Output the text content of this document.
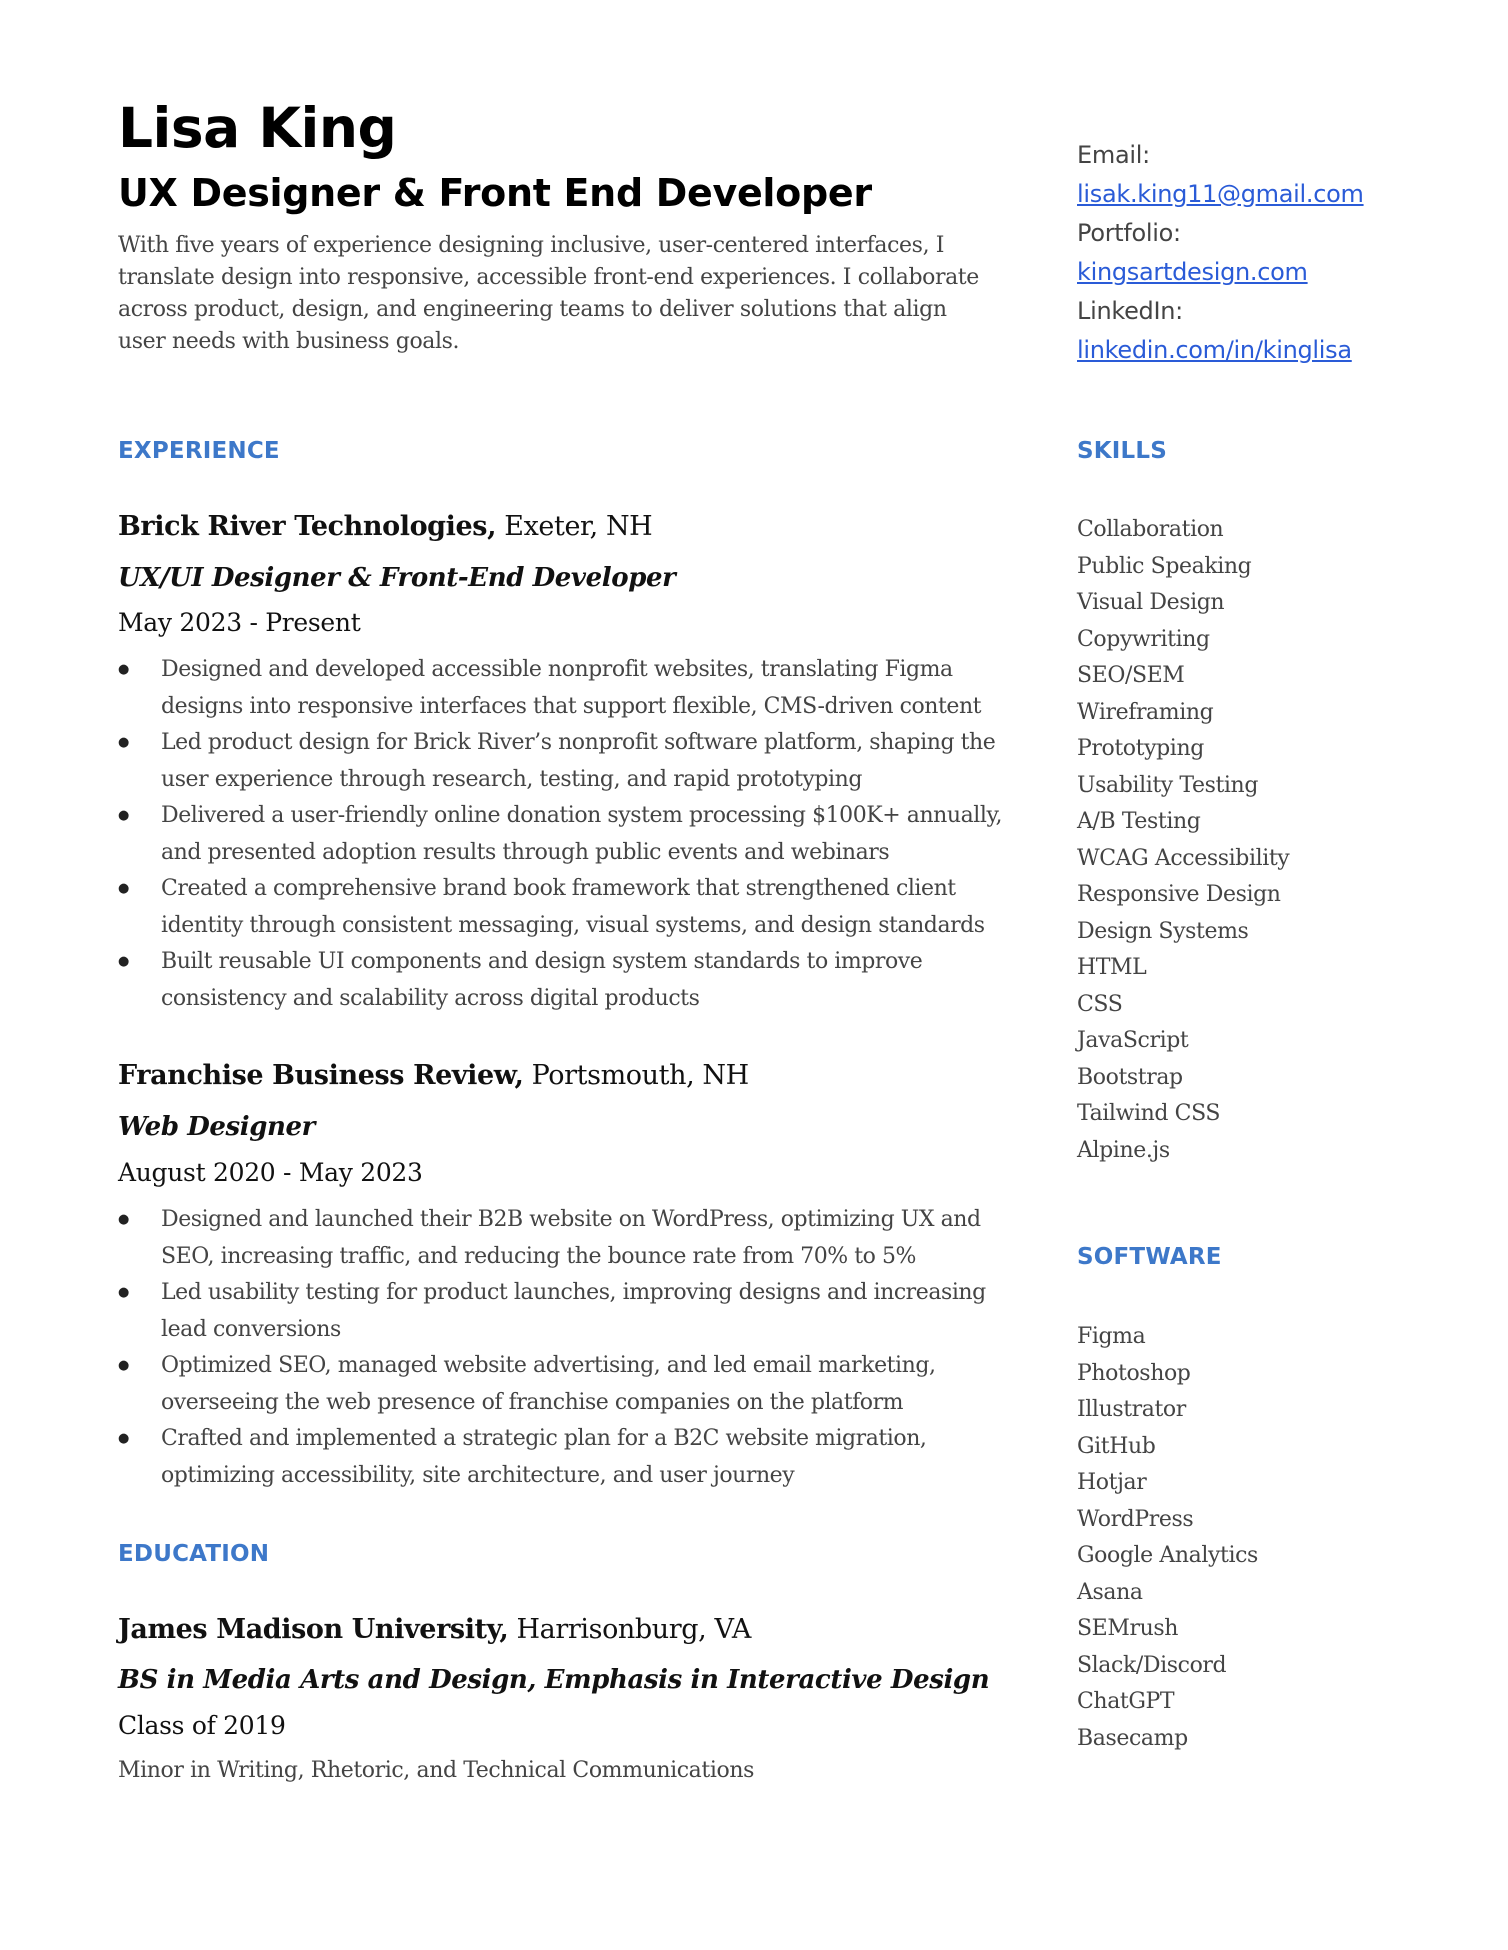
Lisa King
UX Designer & Front End Developer

With five years of experience designing inclusive, user-centered interfaces, I translate design into responsive, accessible front-end experiences. I collaborate across product, design, and engineering teams to deliver solutions that align user needs with business goals.

EXPERIENCE
Brick River Technologies, Exeter, NH
UX/UI Designer & Front-End Developer
May 2023 - Present
● Designed and developed accessible nonprofit websites, translating Figma designs into responsive interfaces that support flexible, CMS-driven content
● Led product design for Brick River’s nonprofit software platform, shaping the user experience through research, testing, and rapid prototyping
● Delivered a user-friendly online donation system processing $100K+ annually, and presented adoption results through public events and webinars
● Created a comprehensive brand book framework that strengthened client identity through consistent messaging, visual systems, and design standards
● Built reusable UI components and design system standards to improve consistency and scalability across digital products
Franchise Business Review, Portsmouth, NH
Web Designer
August 2020 - May 2023
● Designed and launched their B2B website on WordPress, optimizing UX and SEO, increasing traffic, and reducing the bounce rate from 70% to 5%
● Led usability testing for product launches, improving designs and increasing lead conversions
● Optimized SEO, managed website advertising, and led email marketing, overseeing the web presence of franchise companies on the platform
● Crafted and implemented a strategic plan for a B2C website migration, optimizing accessibility, site architecture, and user journey
EDUCATION
James Madison University, Harrisonburg, VA
BS in Media Arts and Design, Emphasis in Interactive Design
Class of 2019
Minor in Writing, Rhetoric, and Technical Communications
Email:
lisak.king11@gmail.com
Portfolio:
kingsartdesign.com
LinkedIn:
linkedin.com/in/kinglisa
SKILLS
Collaboration
Public Speaking
Visual Design
Copywriting
SEO/SEM
Wireframing
Prototyping
Usability Testing
A/B Testing
WCAG Accessibility
Responsive Design
Design Systems
HTML
CSS
JavaScript
Bootstrap
Tailwind CSS
Alpine.js
SOFTWARE
Figma
Photoshop
Illustrator
GitHub
Hotjar
WordPress
Google Analytics
Asana
SEMrush
Slack/Discord
ChatGPT
Basecamp
